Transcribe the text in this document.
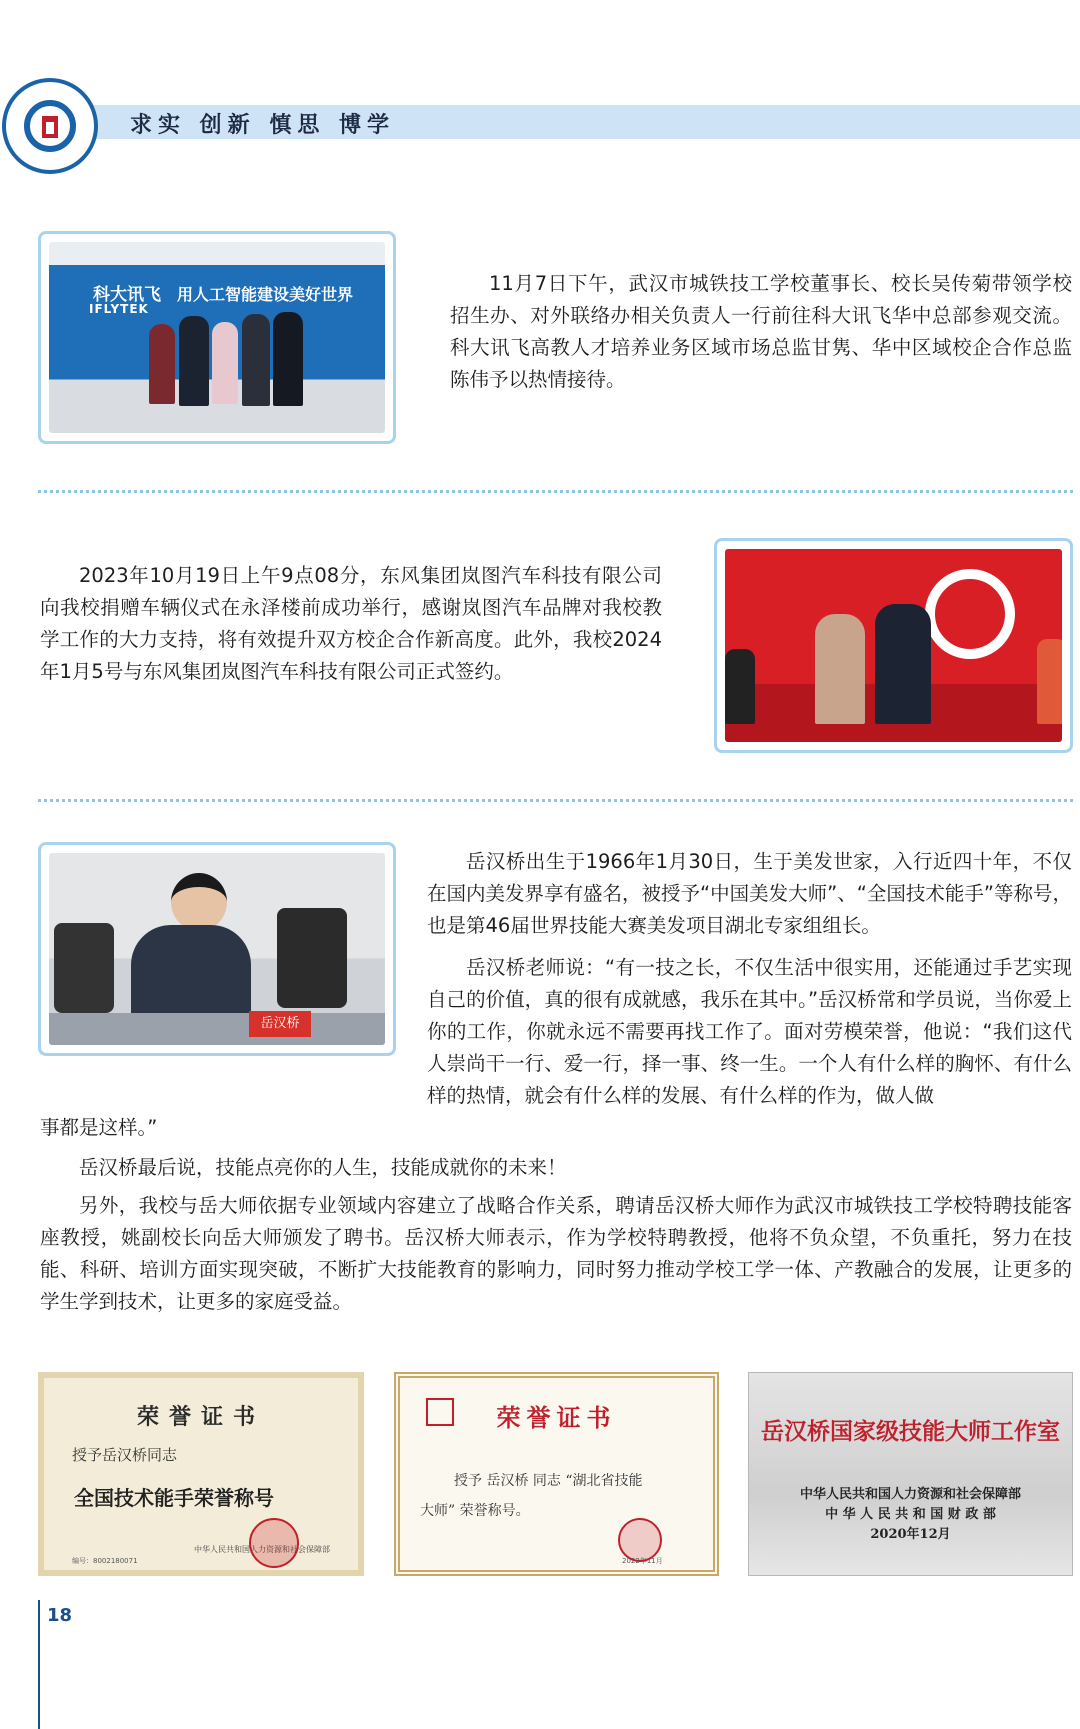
求实 创新 慎思 博学
科大讯飞
IFLYTEK
用人工智能建设美好世界	11月7日下午，武汉市城铁技工学校董事长、校长吴传菊带领学校招生办、对外联络办相关负责人一行前往科大讯飞华中总部参观交流。科大讯飞高教人才培养业务区域市场总监甘隽、华中区域校企合作总监陈伟予以热情接待。

2023年10月19日上午9点08分，东风集团岚图汽车科技有限公司向我校捐赠车辆仪式在永泽楼前成功举行，感谢岚图汽车品牌对我校教学工作的大力支持，将有效提升双方校企合作新高度。此外，我校2024年1月5号与东风集团岚图汽车科技有限公司正式签约。

岳汉桥

岳汉桥出生于1966年1月30日，生于美发世家，入行近四十年，不仅在国内美发界享有盛名，被授予“中国美发大师”、“全国技术能手”等称号，也是第46届世界技能大赛美发项目湖北专家组组长。

岳汉桥老师说：“有一技之长，不仅生活中很实用，还能通过手艺实现自己的价值，真的很有成就感，我乐在其中。”岳汉桥常和学员说，当你爱上你的工作，你就永远不需要再找工作了。面对劳模荣誉，他说：“我们这代人崇尚干一行、爱一行，择一事、终一生。一个人有什么样的胸怀、有什么样的热情，就会有什么样的发展、有什么样的作为，做人做

事都是这样。”

岳汉桥最后说，技能点亮你的人生，技能成就你的未来！

另外，我校与岳大师依据专业领域内容建立了战略合作关系，聘请岳汉桥大师作为武汉市城铁技工学校特聘技能客座教授，姚副校长向岳大师颁发了聘书。岳汉桥大师表示，作为学校特聘教授，他将不负众望，不负重托，努力在技能、科研、培训方面实现突破，不断扩大技能教育的影响力，同时努力推动学校工学一体、产教融合的发展，让更多的学生学到技术，让更多的家庭受益。

荣誉证书
授予岳汉桥同志
全国技术能手荣誉称号
中华人民共和国人力资源和社会保障部
编号：8002180071
荣誉证书
授予 岳汉桥 同志 “湖北省技能
大师” 荣誉称号。
2022年11月
岳汉桥国家级技能大师工作室
中华人民共和国人力资源和社会保障部
中 华 人 民 共 和 国 财 政 部
2020年12月
18
